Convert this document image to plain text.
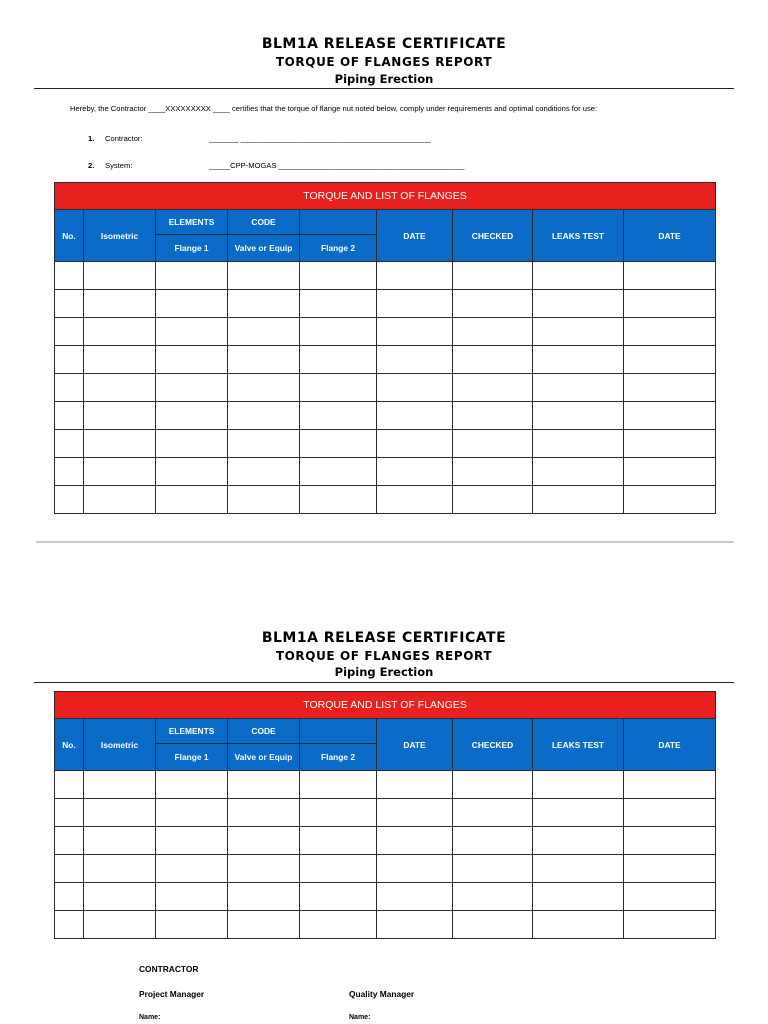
BLM1A RELEASE CERTIFICATE
TORQUE OF FLANGES REPORT
Piping Erection
Hereby, the Contractor ____XXXXXXXXX ____ certifies that the torque of flange nut noted below, comply under requirements and optimal conditions for use:
1. Contractor:	_______ _____________________________________________
2. System:	_____CPP-MOGAS ____________________________________________
TORQUE AND LIST OF FLANGES								
No.	Isometric	ELEMENTS	CODE		DATE	CHECKED	LEAKS TEST	DATE
		Flange 1	Valve or Equip	Flange 2				

BLM1A RELEASE CERTIFICATE
TORQUE OF FLANGES REPORT
Piping Erection
TORQUE AND LIST OF FLANGES								
No.	Isometric	ELEMENTS	CODE		DATE	CHECKED	LEAKS TEST	DATE
		Flange 1	Valve or Equip	Flange 2				

CONTRACTOR
Project Manager	Quality Manager
Name:	Name:
